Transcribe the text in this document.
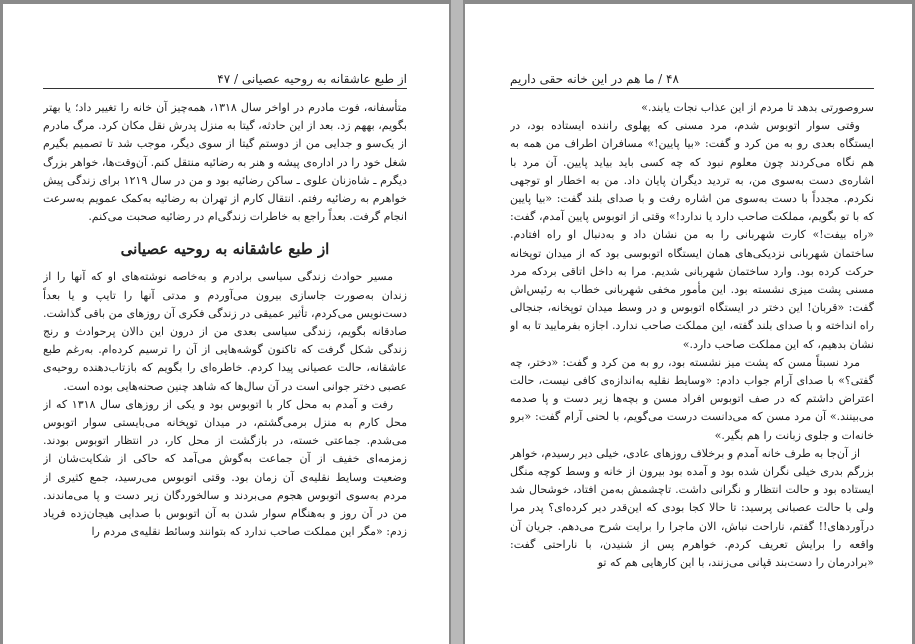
از طبع عاشقانه به روحیه عصیانی / ۴۷

متأسفانه، فوت مادرم در اواخر سال ۱۳۱۸، همه‌چیز آن خانه را تغییر داد؛ یا بهتر بگویم، بههم زد. بعد از این حادثه، گیتا به منزل پدرش نقل مکان کرد. مرگ مادرم از یک‌سو و جدایی من از دوستم گیتا از سوی دیگر، موجب شد تا تصمیم بگیرم شغل خود را در اداره‌ی پیشه و هنر به رضائیه منتقل کنم. آن‌وقت‌ها، خواهر بزرگ دیگرم ـ شاه‌زنان علوی ـ ساکن رضائیه بود و من در سال ۱۲۱۹ برای زندگی پیش خواهرم به رضائیه رفتم. انتقال کارم از تهران به رضائیه به‌کمک عمویم به‌سرعت انجام گرفت. بعداً راجع به خاطرات زندگی‌ام در رضائیه صحبت می‌کنم.

از طبع عاشقانه به روحیه عصیانی

مسیر حوادث زندگی سیاسی برادرم و به‌خاصه نوشته‌های او که آنها را از زندان به‌صورت جاسازی بیرون می‌آوردم و مدتی آنها را تایپ و یا بعداً دست‌نویس می‌کردم، تأثیر عمیقی در زندگی فکری آن روزهای من باقی گذاشت. صادقانه بگویم، زندگی سیاسی بعدی من از درون این دالان پرحوادث و رنج زندگی شکل گرفت که تاکنون گوشه‌هایی از آن را ترسیم کرده‌ام. به‌رغم طبع عاشقانه، حالت عصیانی پیدا کردم. خاطره‌ای را بگویم که بازتاب‌دهنده روحیه‌ی عصبی دختر جوانی است در آن سال‌ها که شاهد چنین صحنه‌هایی بوده است.

رفت و آمدم به محل کار با اتوبوس بود و یکی از روزهای سال ۱۳۱۸ که از محل کارم به منزل برمی‌گشتم، در میدان توپخانه می‌بایستی سوار اتوبوس می‌شدم. جماعتی خسته، در بازگشت از محل کار، در انتظار اتوبوس بودند. زمزمه‌ای خفیف از آن جماعت به‌گوش می‌آمد که حاکی از شکایت‌شان از وضعیت وسایط نقلیه‌ی آن زمان بود. وقتی اتوبوس می‌رسید، جمع کثیری از مردم به‌سوی اتوبوس هجوم می‌بردند و سالخوردگان زیر دست و پا می‌ماندند. من در آن روز و به‌هنگام سوار شدن به آن اتوبوس با صدایی هیجان‌زده فریاد زدم: «مگر این مملکت صاحب ندارد که بتوانند وسائط نقلیه‌ی مردم را

۴۸ / ما هم در این خانه حقی داریم

سروصورتی بدهد تا مردم از این عذاب نجات یابند.»

وقتی سوار اتوبوس شدم، مرد مسنی که پهلوی راننده ایستاده بود، در ایستگاه بعدی رو به من کرد و گفت: «بیا پایین!» مسافران اطراف من همه به هم نگاه می‌کردند چون معلوم نبود که چه کسی باید بیاید پایین. آن مرد با اشاره‌ی دست به‌سوی من، به تردید دیگران پایان داد. من به اخطار او توجهی نکردم. مجدداً با دست به‌سوی من اشاره رفت و با صدای بلند گفت: «بیا پایین که با تو بگویم، مملکت صاحب دارد یا ندارد!» وقتی از اتوبوس پایین آمدم، گفت: «راه بیفت!» کارت شهربانی را به من نشان داد و به‌دنبال او راه افتادم. ساختمان شهربانی نزدیکی‌های همان ایستگاه اتوبوسی بود که از میدان توپخانه حرکت کرده بود. وارد ساختمان شهربانی شدیم. مرا به داخل اتاقی بردکه مرد مسنی پشت میزی نشسته بود. این مأمور مخفی شهربانی خطاب به رئیس‌اش گفت: «قربان! این دختر در ایستگاه اتوبوس و در وسط میدان توپخانه، جنجالی راه انداخته و با صدای بلند گفته، این مملکت صاحب ندارد. اجازه بفرمایید تا به او نشان بدهیم، که این مملکت صاحب دارد.»

مرد نسبتاً مسن که پشت میز نشسته بود، رو به من کرد و گفت: «دختر، چه گفتی؟» با صدای آرام جواب دادم: «وسایط نقلیه به‌اندازه‌ی کافی نیست، حالت اعتراض داشتم که در صف اتوبوس افراد مسن و بچه‌ها زیر دست و پا صدمه می‌بینند.» آن مرد مسن که می‌دانست درست می‌گویم، با لحنی آرام گفت: «برو خانه‌ات و جلوی زبانت را هم بگیر.»

از آن‌جا به طرف خانه آمدم و برخلاف روزهای عادی، خیلی دیر رسیدم، خواهر بزرگم بدری خیلی نگران شده بود و آمده بود بیرون از خانه و وسط کوچه منگل ایستاده بود و حالت انتظار و نگرانی داشت. تاچشمش به‌من افتاد، خوشحال شد ولی با حالت عصبانی پرسید: تا حالا کجا بودی که این‌قدر دیر کرده‌ای؟ پدر مرا درآوردهای!! گفتم، ناراحت نباش، الان ماجرا را برایت شرح می‌دهم. جریان آن واقعه را برایش تعریف کردم. خواهرم پس از شنیدن، با ناراحتی گفت: «برادرمان را دست‌بند قپانی می‌زنند، با این کارهایی هم که تو
